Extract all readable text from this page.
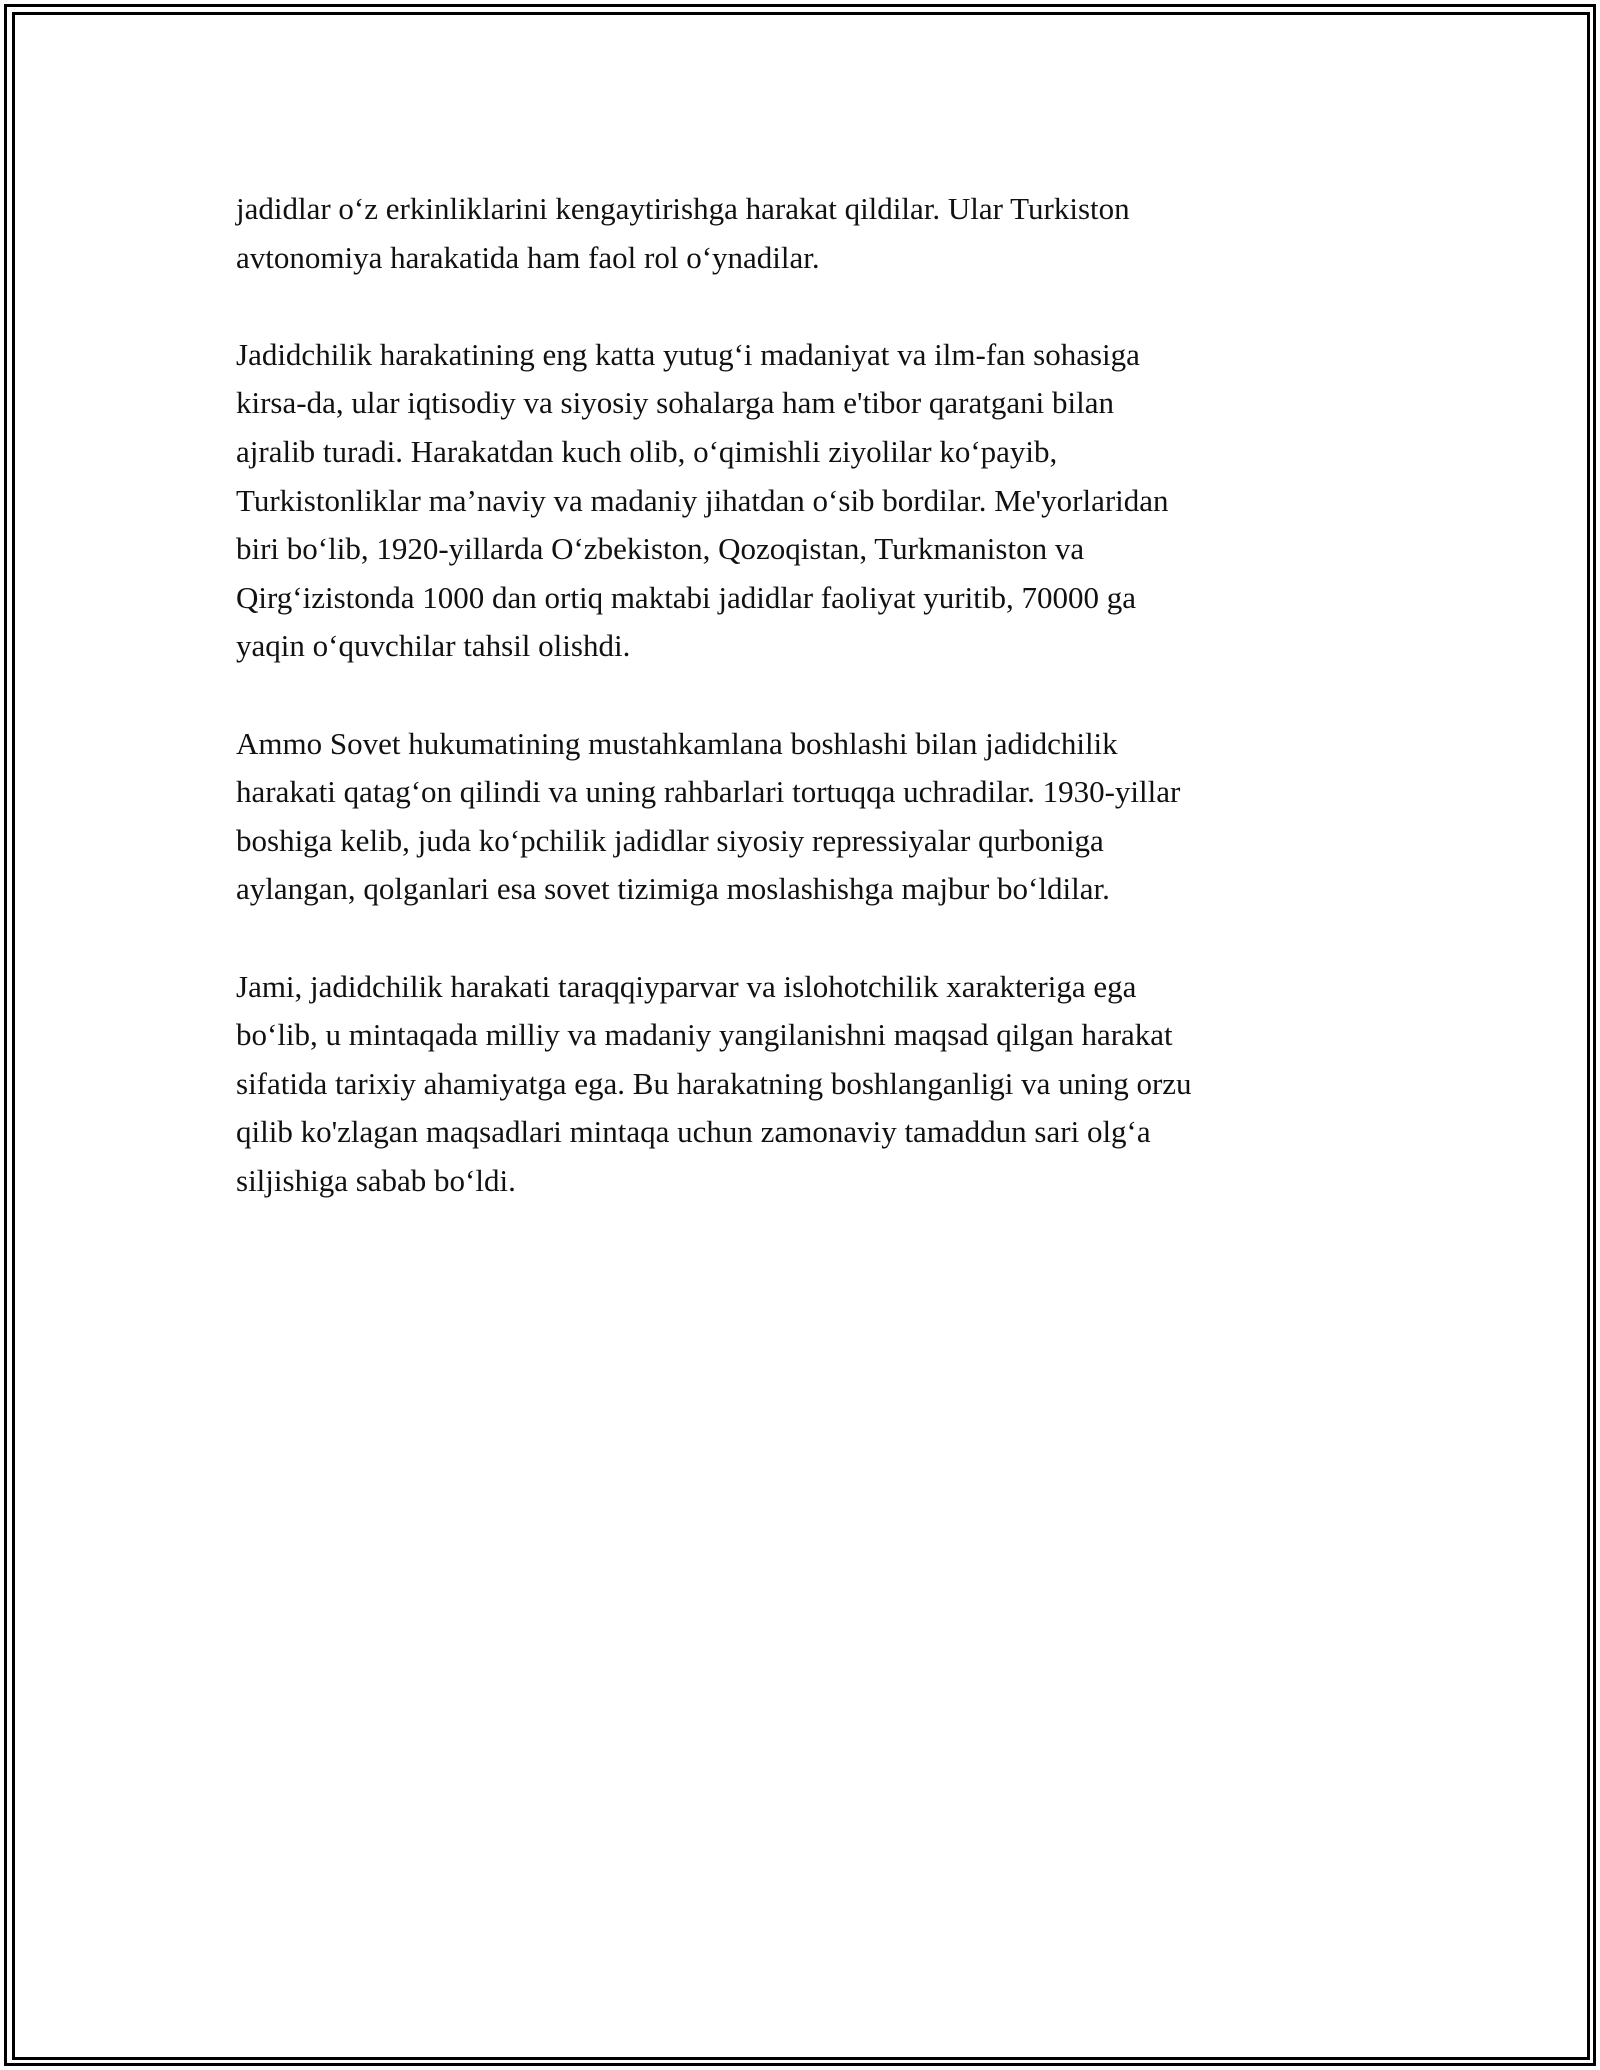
jadidlar o‘z erkinliklarini kengaytirishga harakat qildilar. Ular Turkiston
avtonomiya harakatida ham faol rol o‘ynadilar.

Jadidchilik harakatining eng katta yutug‘i madaniyat va ilm-fan sohasiga
kirsa-da, ular iqtisodiy va siyosiy sohalarga ham e'tibor qaratgani bilan
ajralib turadi. Harakatdan kuch olib, o‘qimishli ziyolilar ko‘payib,
Turkistonliklar ma’naviy va madaniy jihatdan o‘sib bordilar. Me'yorlaridan
biri bo‘lib, 1920-yillarda O‘zbekiston, Qozoqistan, Turkmaniston va
Qirg‘izistonda 1000 dan ortiq maktabi jadidlar faoliyat yuritib, 70000 ga
yaqin o‘quvchilar tahsil olishdi.

Ammo Sovet hukumatining mustahkamlana boshlashi bilan jadidchilik
harakati qatag‘on qilindi va uning rahbarlari tortuqqa uchradilar. 1930-yillar
boshiga kelib, juda ko‘pchilik jadidlar siyosiy repressiyalar qurboniga
aylangan, qolganlari esa sovet tizimiga moslashishga majbur bo‘ldilar.

Jami, jadidchilik harakati taraqqiyparvar va islohotchilik xarakteriga ega
bo‘lib, u mintaqada milliy va madaniy yangilanishni maqsad qilgan harakat
sifatida tarixiy ahamiyatga ega. Bu harakatning boshlanganligi va uning orzu
qilib ko'zlagan maqsadlari mintaqa uchun zamonaviy tamaddun sari olg‘a
siljishiga sabab bo‘ldi.
